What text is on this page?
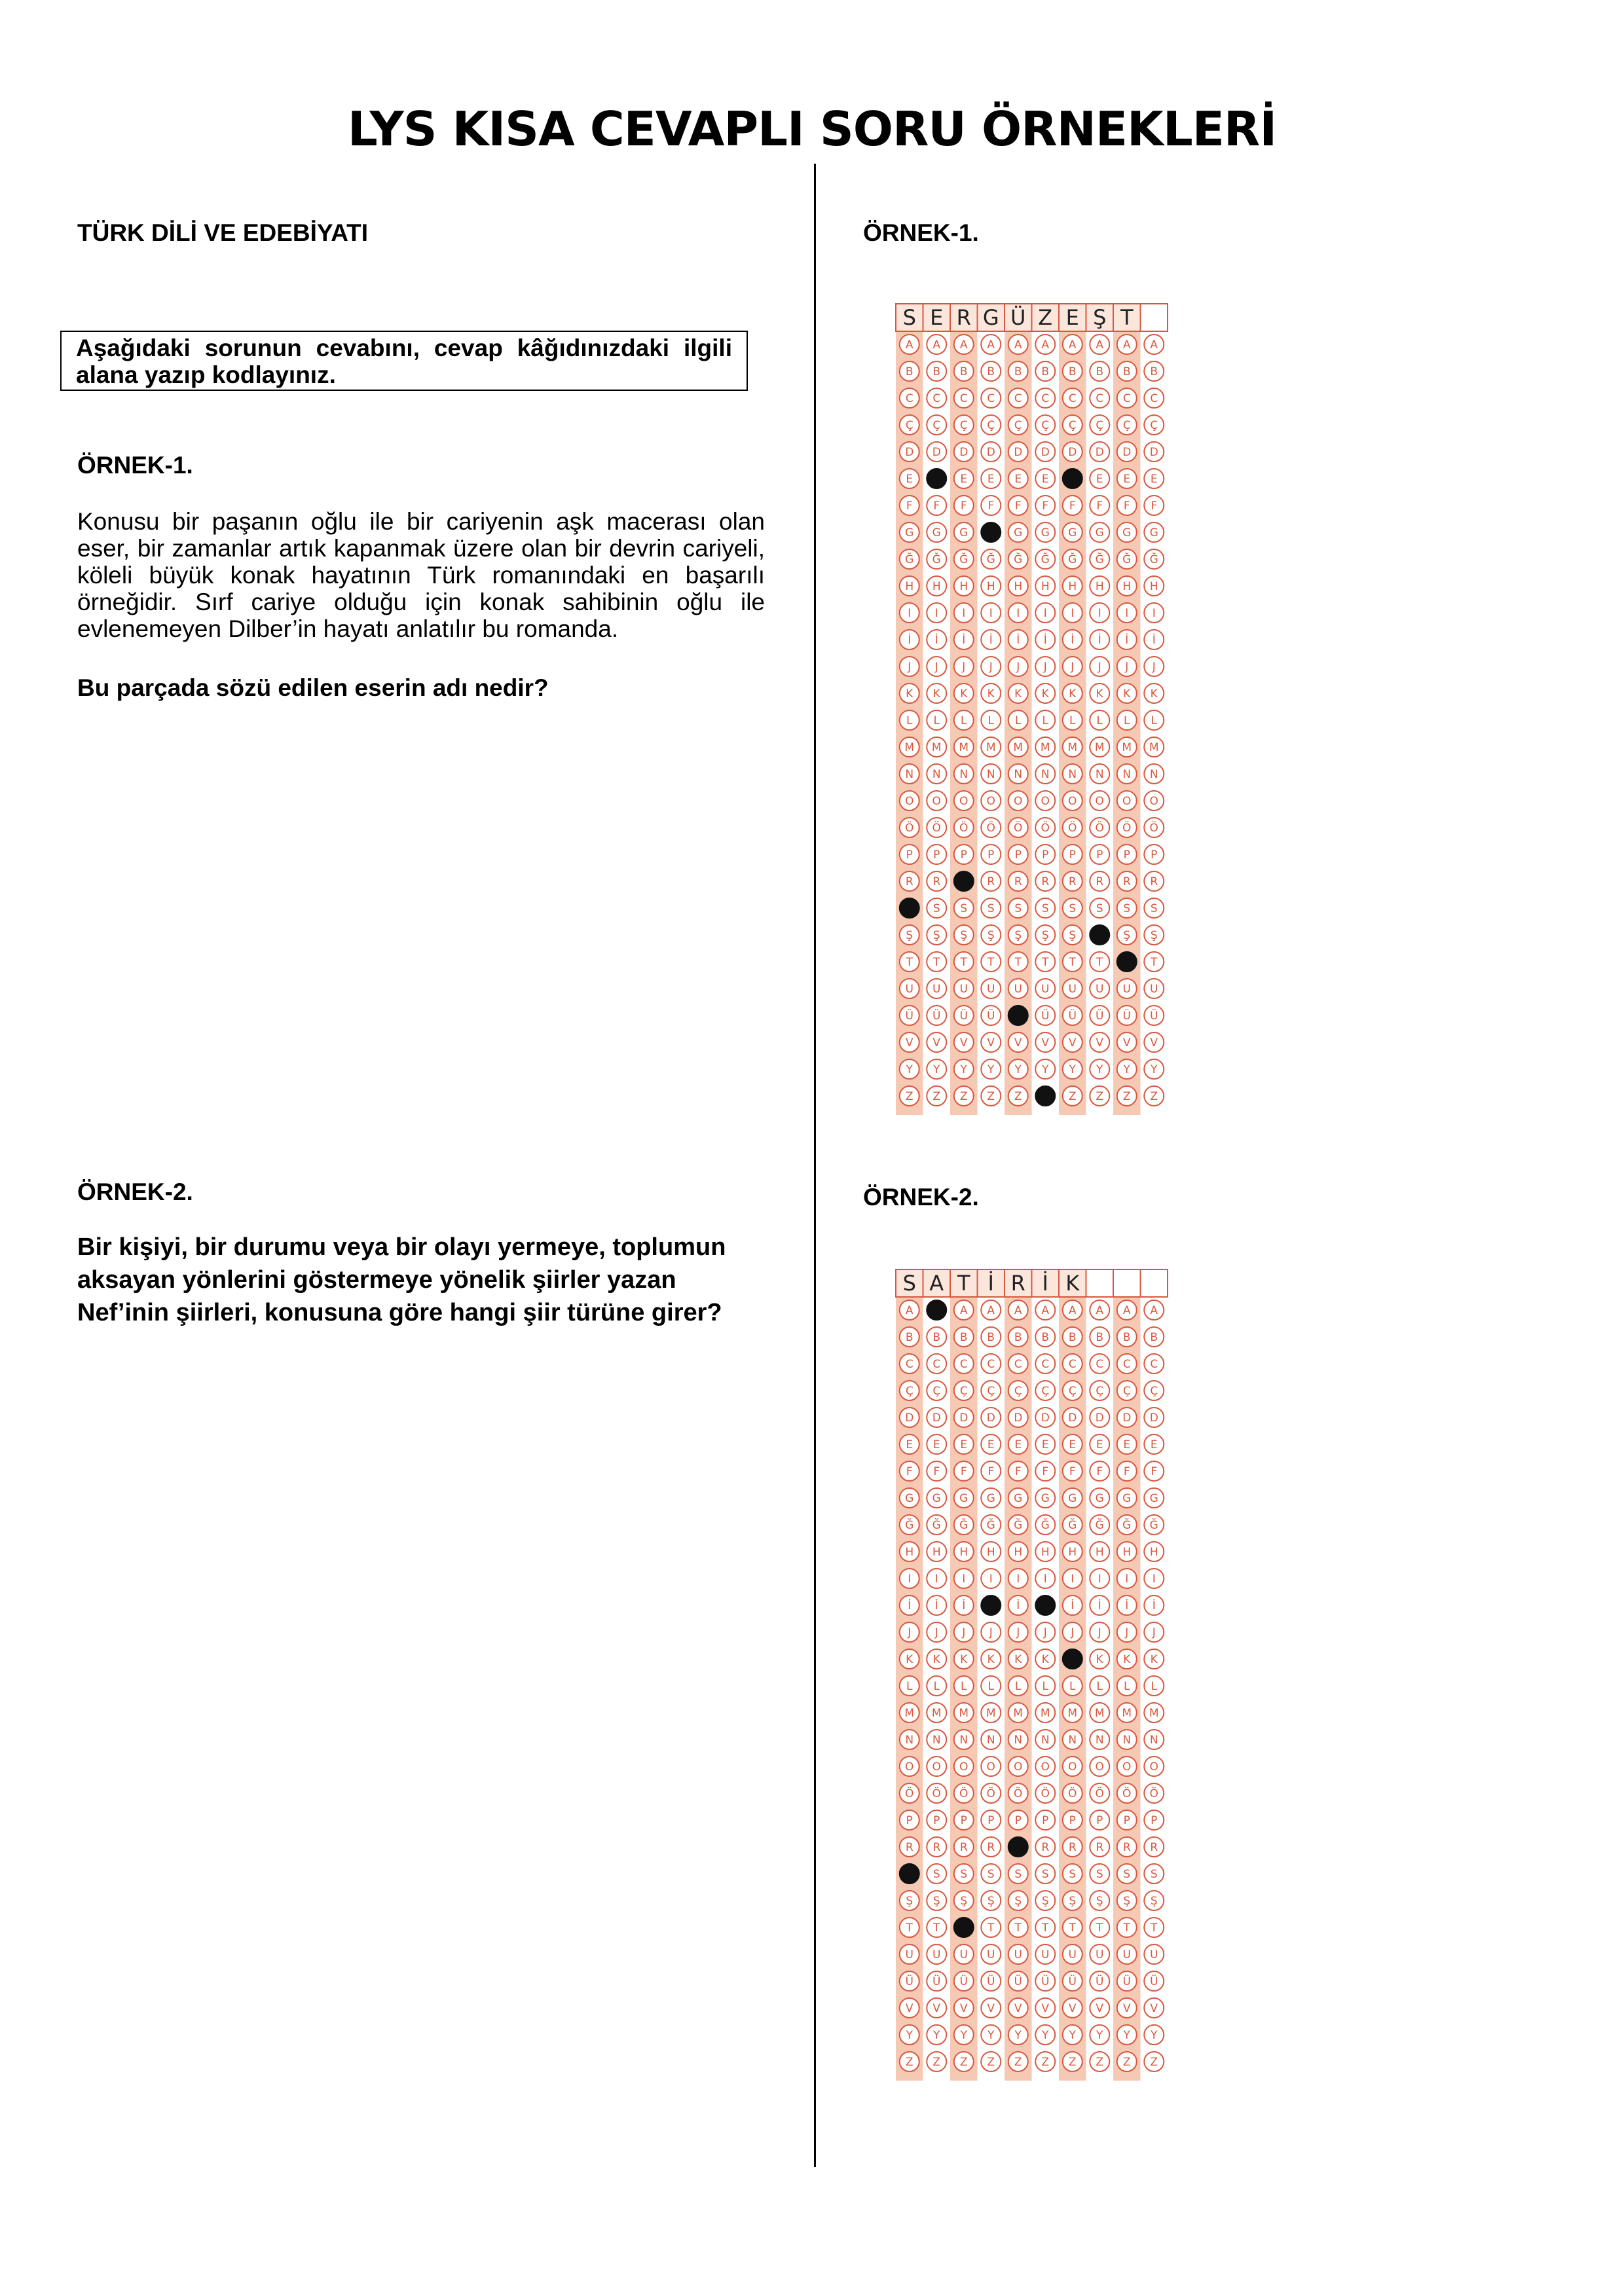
LYS KISA CEVAPLI SORU ÖRNEKLERİ
TÜRK DİLİ VE EDEBİYATI
Aşağıdaki sorunun cevabını, cevap kâğıdınızdaki ilgili alana yazıp kodlayınız.
ÖRNEK-1.
Konusu bir paşanın oğlu ile bir cariyenin aşk macerası olan eser, bir zamanlar artık kapanmak üzere olan bir devrin cariyeli, köleli büyük konak hayatının Türk romanındaki en başarılı örneğidir. Sırf cariye olduğu için konak sahibinin oğlu ile evlenemeyen Dilber’in hayatı anlatılır bu romanda.
Bu parçada sözü edilen eserin adı nedir?
ÖRNEK-2.
Bir kişiyi, bir durumu veya bir olayı yermeye, toplumun
aksayan yönlerini göstermeye yönelik şiirler yazan
Nef’inin şiirleri, konusuna göre hangi şiir türüne girer?
ÖRNEK-1.
ÖRNEK-2.
S
A
B
C
Ç
D
E
F
G
Ğ
H
I
İ
J
K
L
M
N
O
Ö
P
R
Ş
T
U
Ü
V
Y
Z
E
A
B
C
Ç
D
F
G
Ğ
H
I
İ
J
K
L
M
N
O
Ö
P
R
S
Ş
T
U
Ü
V
Y
Z
R
A
B
C
Ç
D
E
F
G
Ğ
H
I
İ
J
K
L
M
N
O
Ö
P
S
Ş
T
U
Ü
V
Y
Z
G
A
B
C
Ç
D
E
F
Ğ
H
I
İ
J
K
L
M
N
O
Ö
P
R
S
Ş
T
U
Ü
V
Y
Z
Ü
A
B
C
Ç
D
E
F
G
Ğ
H
I
İ
J
K
L
M
N
O
Ö
P
R
S
Ş
T
U
V
Y
Z
Z
A
B
C
Ç
D
E
F
G
Ğ
H
I
İ
J
K
L
M
N
O
Ö
P
R
S
Ş
T
U
Ü
V
Y
E
A
B
C
Ç
D
F
G
Ğ
H
I
İ
J
K
L
M
N
O
Ö
P
R
S
Ş
T
U
Ü
V
Y
Z
Ş
A
B
C
Ç
D
E
F
G
Ğ
H
I
İ
J
K
L
M
N
O
Ö
P
R
S
T
U
Ü
V
Y
Z
T
A
B
C
Ç
D
E
F
G
Ğ
H
I
İ
J
K
L
M
N
O
Ö
P
R
S
Ş
U
Ü
V
Y
Z
A
B
C
Ç
D
E
F
G
Ğ
H
I
İ
J
K
L
M
N
O
Ö
P
R
S
Ş
T
U
Ü
V
Y
Z
S
A
B
C
Ç
D
E
F
G
Ğ
H
I
İ
J
K
L
M
N
O
Ö
P
R
Ş
T
U
Ü
V
Y
Z
A
B
C
Ç
D
E
F
G
Ğ
H
I
İ
J
K
L
M
N
O
Ö
P
R
S
Ş
T
U
Ü
V
Y
Z
T
A
B
C
Ç
D
E
F
G
Ğ
H
I
İ
J
K
L
M
N
O
Ö
P
R
S
Ş
U
Ü
V
Y
Z
İ
A
B
C
Ç
D
E
F
G
Ğ
H
I
J
K
L
M
N
O
Ö
P
R
S
Ş
T
U
Ü
V
Y
Z
R
A
B
C
Ç
D
E
F
G
Ğ
H
I
İ
J
K
L
M
N
O
Ö
P
S
Ş
T
U
Ü
V
Y
Z
İ
A
B
C
Ç
D
E
F
G
Ğ
H
I
J
K
L
M
N
O
Ö
P
R
S
Ş
T
U
Ü
V
Y
Z
K
A
B
C
Ç
D
E
F
G
Ğ
H
I
İ
J
L
M
N
O
Ö
P
R
S
Ş
T
U
Ü
V
Y
Z
A
B
C
Ç
D
E
F
G
Ğ
H
I
İ
J
K
L
M
N
O
Ö
P
R
S
Ş
T
U
Ü
V
Y
Z
A
B
C
Ç
D
E
F
G
Ğ
H
I
İ
J
K
L
M
N
O
Ö
P
R
S
Ş
T
U
Ü
V
Y
Z
A
B
C
Ç
D
E
F
G
Ğ
H
I
İ
J
K
L
M
N
O
Ö
P
R
S
Ş
T
U
Ü
V
Y
Z
